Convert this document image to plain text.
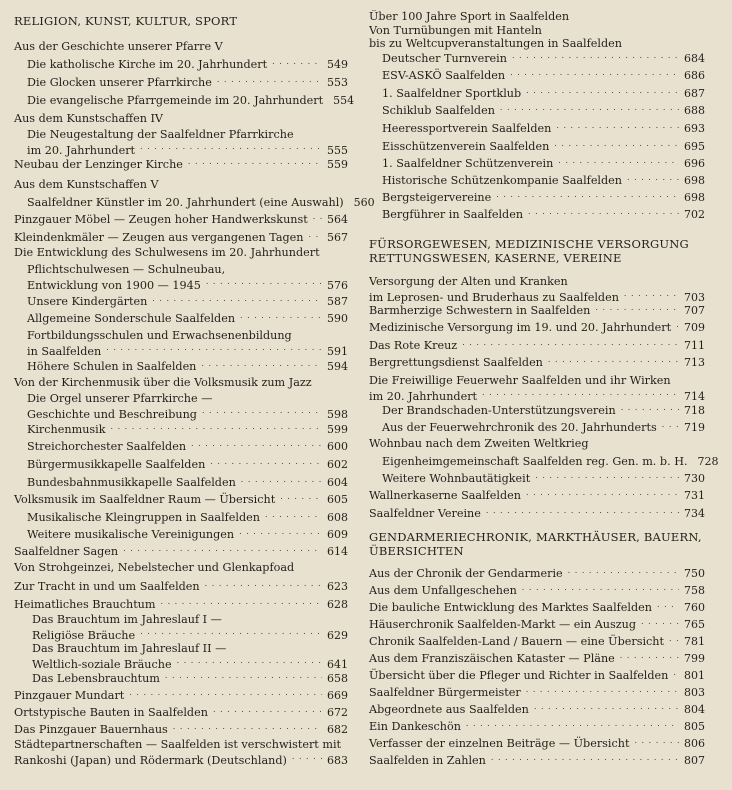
RELIGION, KUNST, KULTUR, SPORT
Aus der Geschichte unserer Pfarre V
Die katholische Kirche im 20. Jahrhundert . . .	549
Die Glocken unserer Pfarrkirche . . .	553
Die evangelische Pfarrgemeinde im 20. Jahrhundert 554
Aus dem Kunstschaffen IV
Die Neugestaltung der Saalfeldner Pfarrkirche
im 20. Jahrhundert . . .	555
Neubau der Lenzinger Kirche . . .	559
Aus dem Kunstschaffen V
Saalfeldner Künstler im 20. Jahrhundert (eine Auswahl) 560
Pinzgauer Möbel — Zeugen hoher Handwerkskunst . . . 564
Kleindenkmäler — Zeugen aus vergangenen Tagen . . . 567
Die Entwicklung des Schulwesens im 20. Jahrhundert
Pflichtschulwesen — Schulneubau,
Entwicklung von 1900 — 1945 . . .	576
Unsere Kindergärten . . .	587
Allgemeine Sonderschule Saalfelden . . .	590
Fortbildungsschulen und Erwachsenenbildung
in Saalfelden . . .	591
Höhere Schulen in Saalfelden . . .	594
Von der Kirchenmusik über die Volksmusik zum Jazz
Die Orgel unserer Pfarrkirche —
Geschichte und Beschreibung . . .	598
Kirchenmusik . . .	599
Streichorchester Saalfelden . . .	600
Bürgermusikkapelle Saalfelden . . .	602
Bundesbahnmusikkapelle Saalfelden . . .	604
Volksmusik im Saalfeldner Raum — Übersicht . . .	605
Musikalische Kleingruppen in Saalfelden . . .	608
Weitere musikalische Vereinigungen . . .	609
Saalfeldner Sagen . . .	614
Von Strohgeinzei, Nebelstecher und Glenkapfoad
Zur Tracht in und um Saalfelden . . .	623
Heimatliches Brauchtum . . .	628
Das Brauchtum im Jahreslauf I —
Religiöse Bräuche . . .	629
Das Brauchtum im Jahreslauf II —
Weltlich-soziale Bräuche . . .	641
Das Lebensbrauchtum . . .	658
Pinzgauer Mundart . . .	669
Ortstypische Bauten in Saalfelden . . .	672
Das Pinzgauer Bauernhaus . . .	682
Städtepartnerschaften — Saalfelden ist verschwistert mit
Rankoshi (Japan) und Rödermark (Deutschland) . . .	683
Über 100 Jahre Sport in Saalfelden
Von Turnübungen mit Hanteln
bis zu Weltcupveranstaltungen in Saalfelden
Deutscher Turnverein . . .	684
ESV-ASKÖ Saalfelden . . .	686
1. Saalfeldner Sportklub . . .	687
Schiklub Saalfelden . . .	688
Heeressportverein Saalfelden . . .	693
Eisschützenverein Saalfelden . . .	695
1. Saalfeldner Schützenverein . . .	696
Historische Schützenkompanie Saalfelden . . .	698
Bergsteigervereine . . .	698
Bergführer in Saalfelden . . .	702
FÜRSORGEWESEN, MEDIZINISCHE VERSORGUNG
RETTUNGSWESEN, KASERNE, VEREINE
Versorgung der Alten und Kranken
im Leprosen- und Bruderhaus zu Saalfelden . . .	703
Barmherzige Schwestern in Saalfelden . . .	707
Medizinische Versorgung im 19. und 20. Jahrhundert . . . 709
Das Rote Kreuz . . .	711
Bergrettungsdienst Saalfelden . . .	713
Die Freiwillige Feuerwehr Saalfelden und ihr Wirken
im 20. Jahrhundert . . .	714
Der Brandschaden-Unterstützungsverein . . .	718
Aus der Feuerwehrchronik des 20. Jahrhunderts . . . 719
Wohnbau nach dem Zweiten Weltkrieg
Eigenheimgemeinschaft Saalfelden reg. Gen. m. b. H. 728
Weitere Wohnbautätigkeit . . .	730
Wallnerkaserne Saalfelden . . .	731
Saalfeldner Vereine . . .	734
GENDARMERIECHRONIK, MARKTHÄUSER, BAUERN,
ÜBERSICHTEN
Aus der Chronik der Gendarmerie . . .	750
Aus dem Unfallgeschehen . . .	758
Die bauliche Entwicklung des Marktes Saalfelden . . .	760
Häuserchronik Saalfelden-Markt — ein Auszug . . .	765
Chronik Saalfelden-Land / Bauern — eine Übersicht . . . 781
Aus dem Franziszäischen Kataster — Pläne . . .	799
Übersicht über die Pfleger und Richter in Saalfelden . . . 801
Saalfeldner Bürgermeister . . .	803
Abgeordnete aus Saalfelden . . .	804
Ein Dankeschön . . .	805
Verfasser der einzelnen Beiträge — Übersicht . . .	806
Saalfelden in Zahlen . . .	807
